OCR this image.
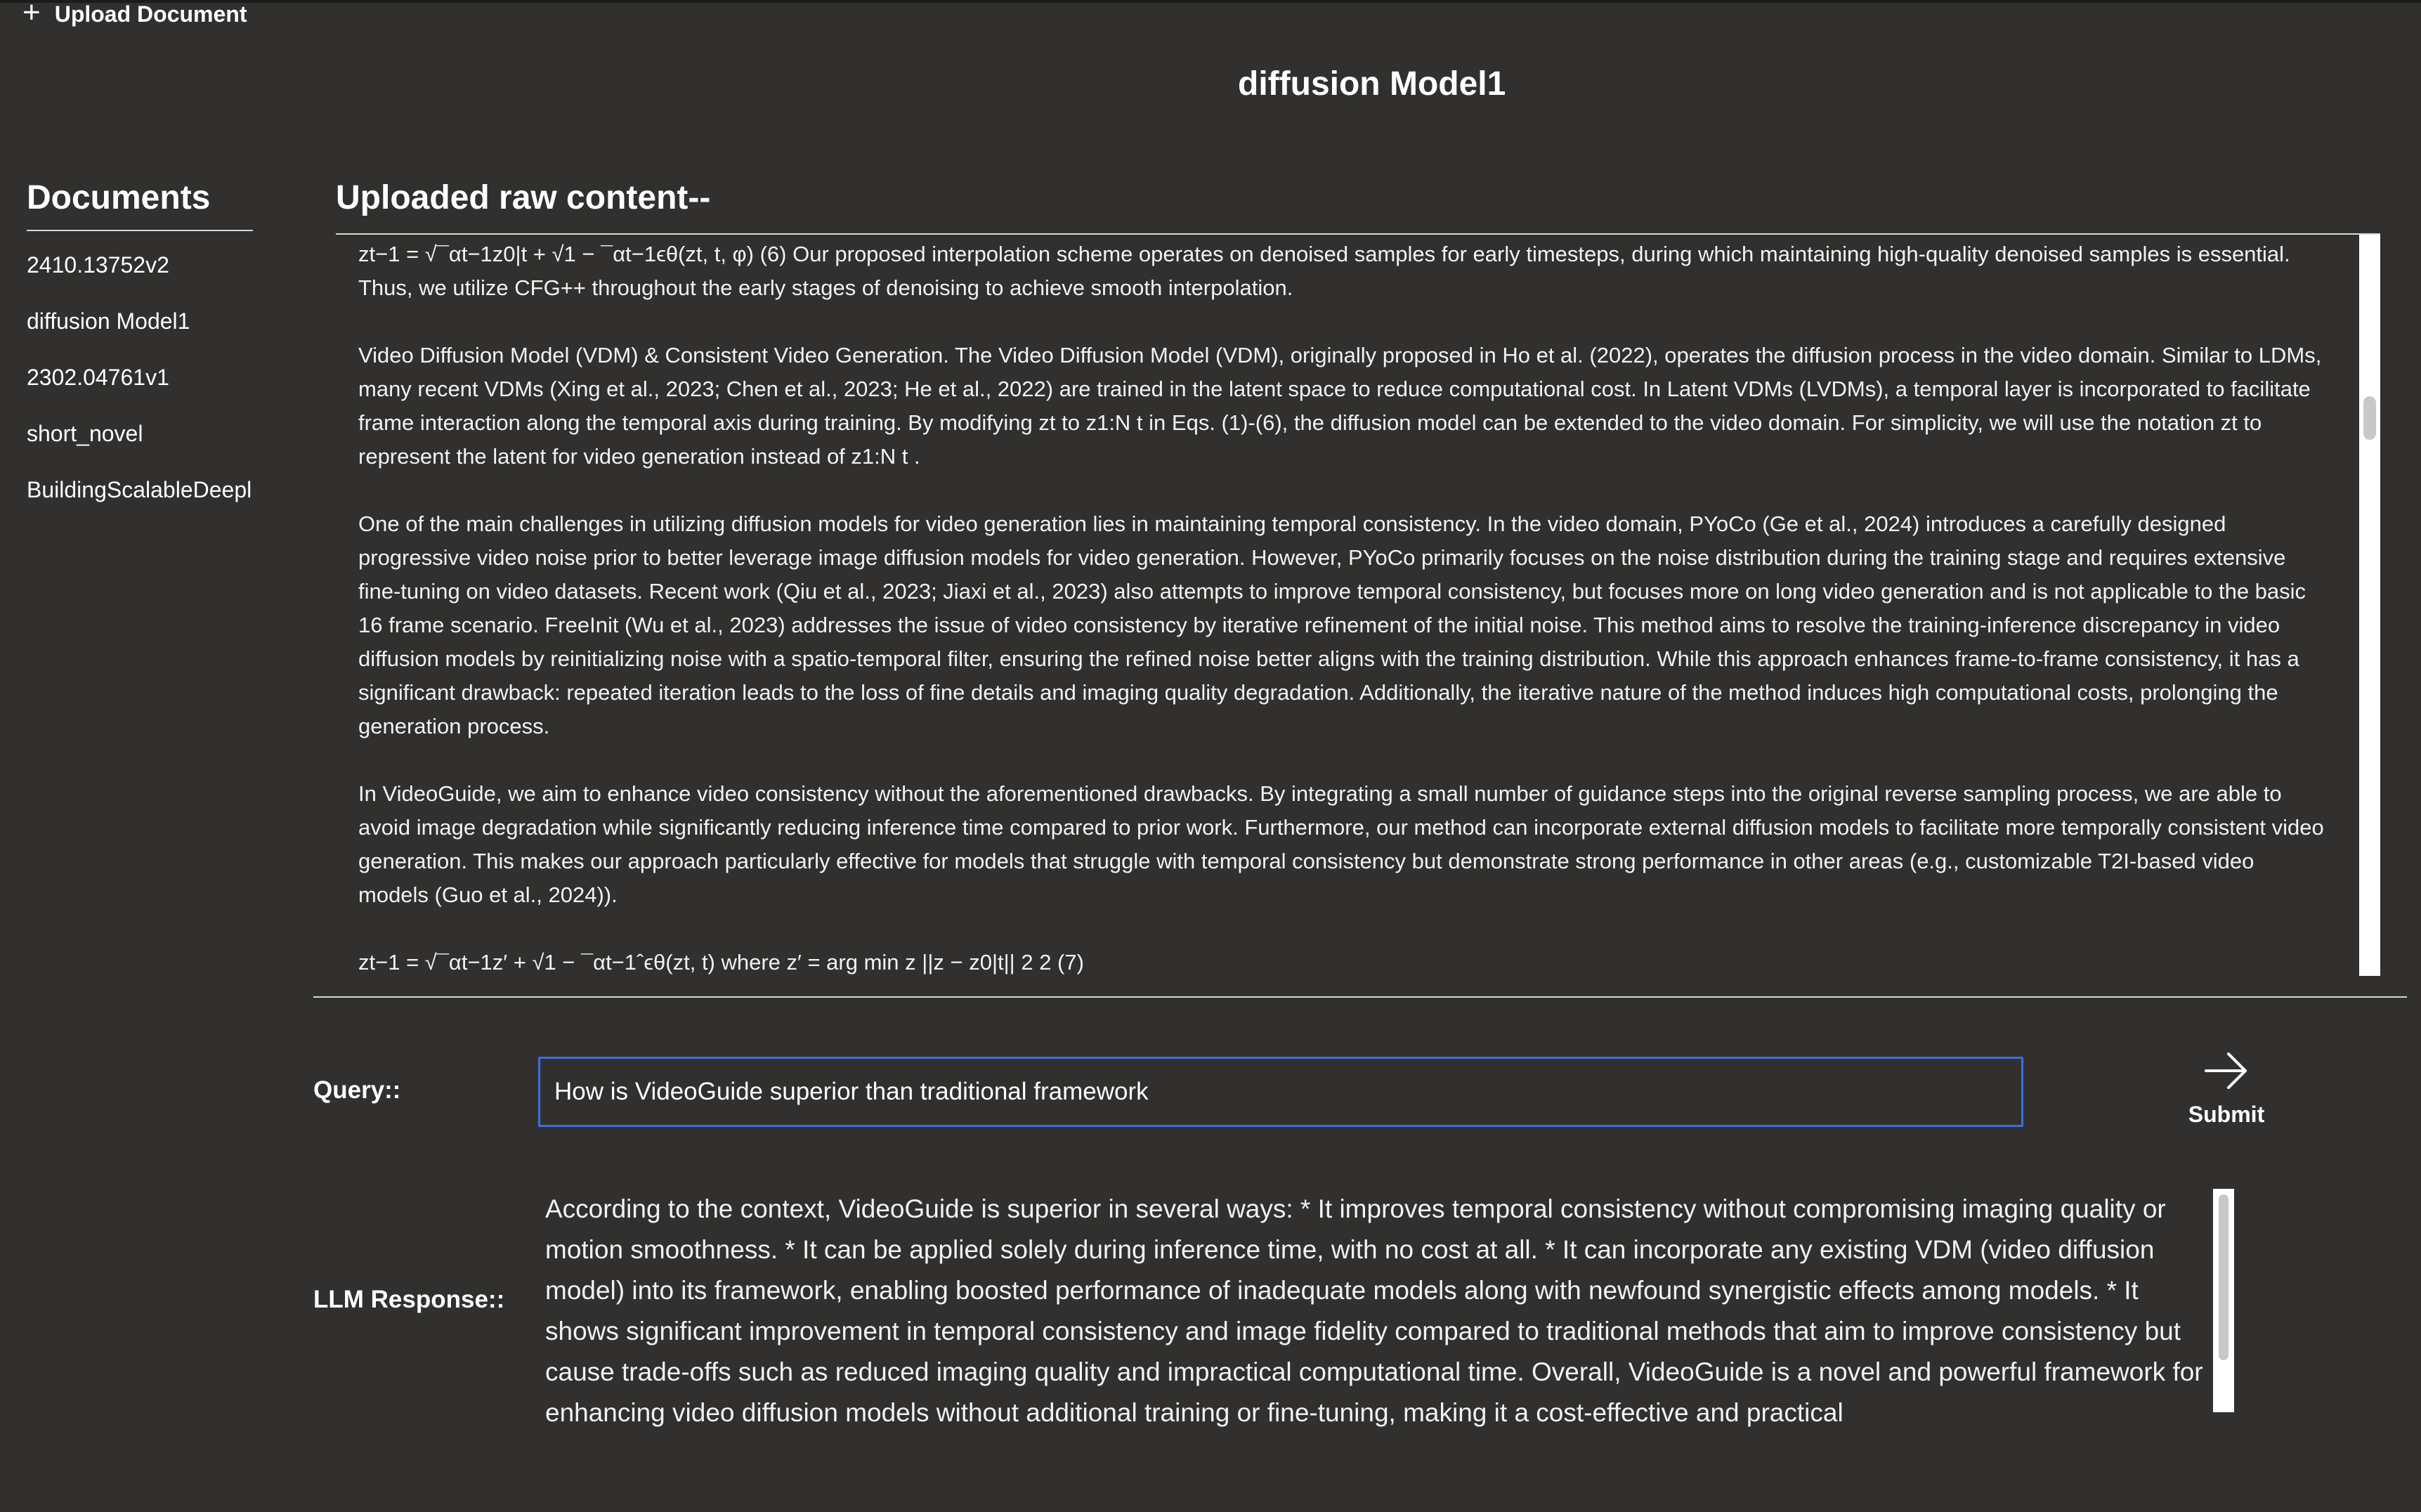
+ Upload Document
diffusion Model1
Documents
2410.13752v2
diffusion Model1
2302.04761v1
short_novel
BuildingScalableDeepl
Uploaded raw content--

zt−1 = √¯αt−1z0|t + √1 − ¯αt−1ϵθ(zt, t, φ) (6) Our proposed interpolation scheme operates on denoised samples for early timesteps, during which maintaining high-quality denoised samples is essential. Thus, we utilize CFG++ throughout the early stages of denoising to achieve smooth interpolation.

Video Diffusion Model (VDM) & Consistent Video Generation. The Video Diffusion Model (VDM), originally proposed in Ho et al. (2022), operates the diffusion process in the video domain. Similar to LDMs, many recent VDMs (Xing et al., 2023; Chen et al., 2023; He et al., 2022) are trained in the latent space to reduce computational cost. In Latent VDMs (LVDMs), a temporal layer is incorporated to facilitate frame interaction along the temporal axis during training. By modifying zt to z1:N t in Eqs. (1)-(6), the diffusion model can be extended to the video domain. For simplicity, we will use the notation zt to represent the latent for video generation instead of z1:N t .

One of the main challenges in utilizing diffusion models for video generation lies in maintaining temporal consistency. In the video domain, PYoCo (Ge et al., 2024) introduces a carefully designed progressive video noise prior to better leverage image diffusion models for video generation. However, PYoCo primarily focuses on the noise distribution during the training stage and requires extensive fine-tuning on video datasets. Recent work (Qiu et al., 2023; Jiaxi et al., 2023) also attempts to improve temporal consistency, but focuses more on long video generation and is not applicable to the basic 16 frame scenario. FreeInit (Wu et al., 2023) addresses the issue of video consistency by iterative refinement of the initial noise. This method aims to resolve the training-inference discrepancy in video diffusion models by reinitializing noise with a spatio-temporal filter, ensuring the refined noise better aligns with the training distribution. While this approach enhances frame-to-frame consistency, it has a significant drawback: repeated iteration leads to the loss of fine details and imaging quality degradation. Additionally, the iterative nature of the method induces high computational costs, prolonging the generation process.

In VideoGuide, we aim to enhance video consistency without the aforementioned drawbacks. By integrating a small number of guidance steps into the original reverse sampling process, we are able to avoid image degradation while significantly reducing inference time compared to prior work. Furthermore, our method can incorporate external diffusion models to facilitate more temporally consistent video generation. This makes our approach particularly effective for models that struggle with temporal consistency but demonstrate strong performance in other areas (e.g., customizable T2I-based video models (Guo et al., 2024)).

zt−1 = √¯αt−1z′ + √1 − ¯αt−1ˆϵθ(zt, t) where z′ = arg min z ||z − z0|t|| 2 2 (7)

Query::
How is VideoGuide superior than traditional framework
Submit
LLM Response::
According to the context, VideoGuide is superior in several ways: * It improves temporal consistency without compromising imaging quality or motion smoothness. * It can be applied solely during inference time, with no cost at all. * It can incorporate any existing VDM (video diffusion model) into its framework, enabling boosted performance of inadequate models along with newfound synergistic effects among models. * It shows significant improvement in temporal consistency and image fidelity compared to traditional methods that aim to improve consistency but cause trade-offs such as reduced imaging quality and impractical computational time. Overall, VideoGuide is a novel and powerful framework for enhancing video diffusion models without additional training or fine-tuning, making it a cost-effective and practical
